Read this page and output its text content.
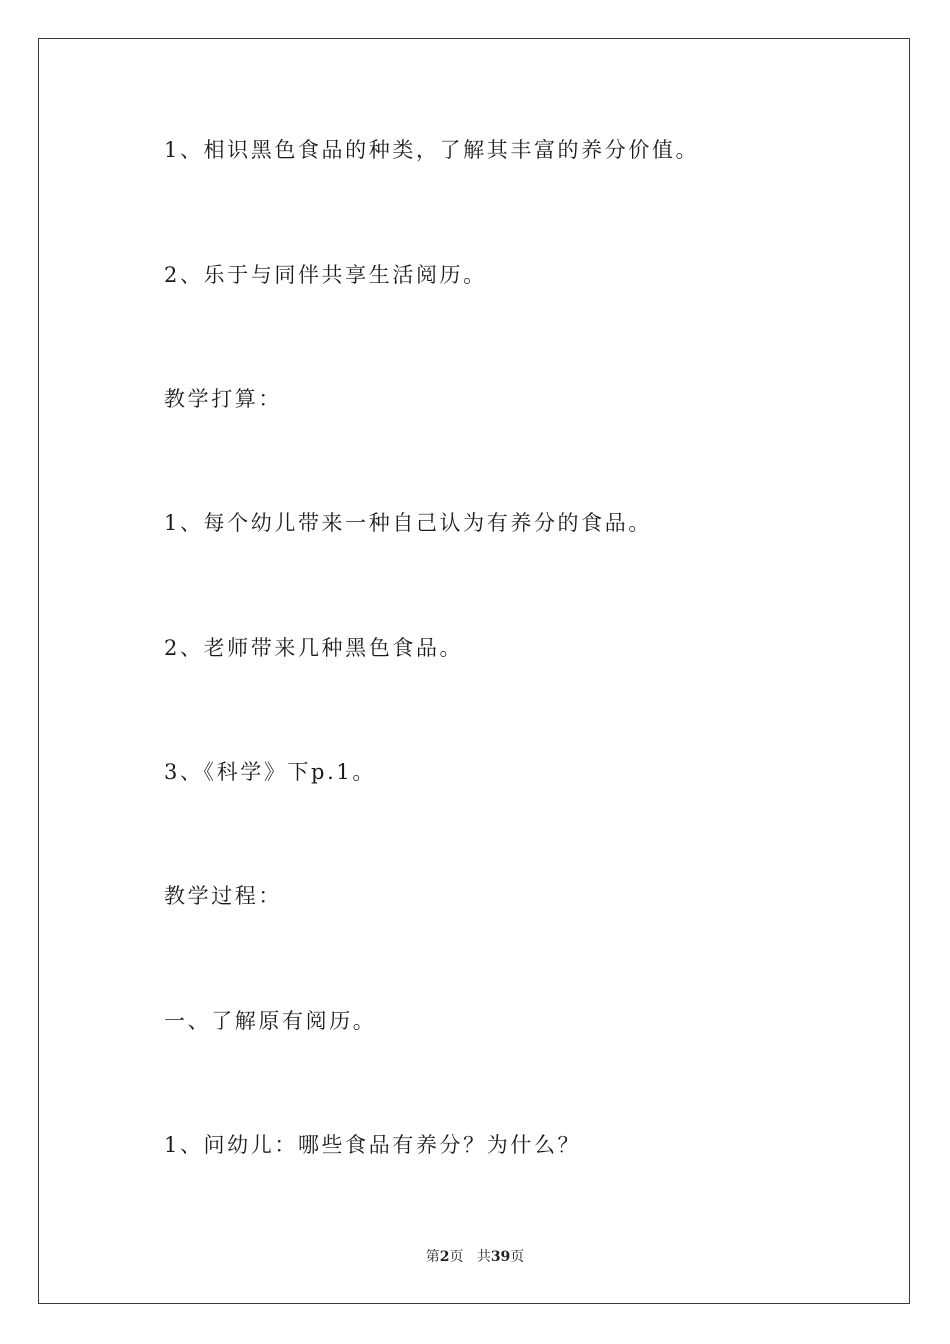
1、相识黑色食品的种类，了解其丰富的养分价值。
2、乐于与同伴共享生活阅历。
教学打算：
1、每个幼儿带来一种自己认为有养分的食品。
2、老师带来几种黑色食品。
3、《科学》下p.1。
教学过程：
一、了解原有阅历。
1、问幼儿：哪些食品有养分？为什么？
第2页 共39页
